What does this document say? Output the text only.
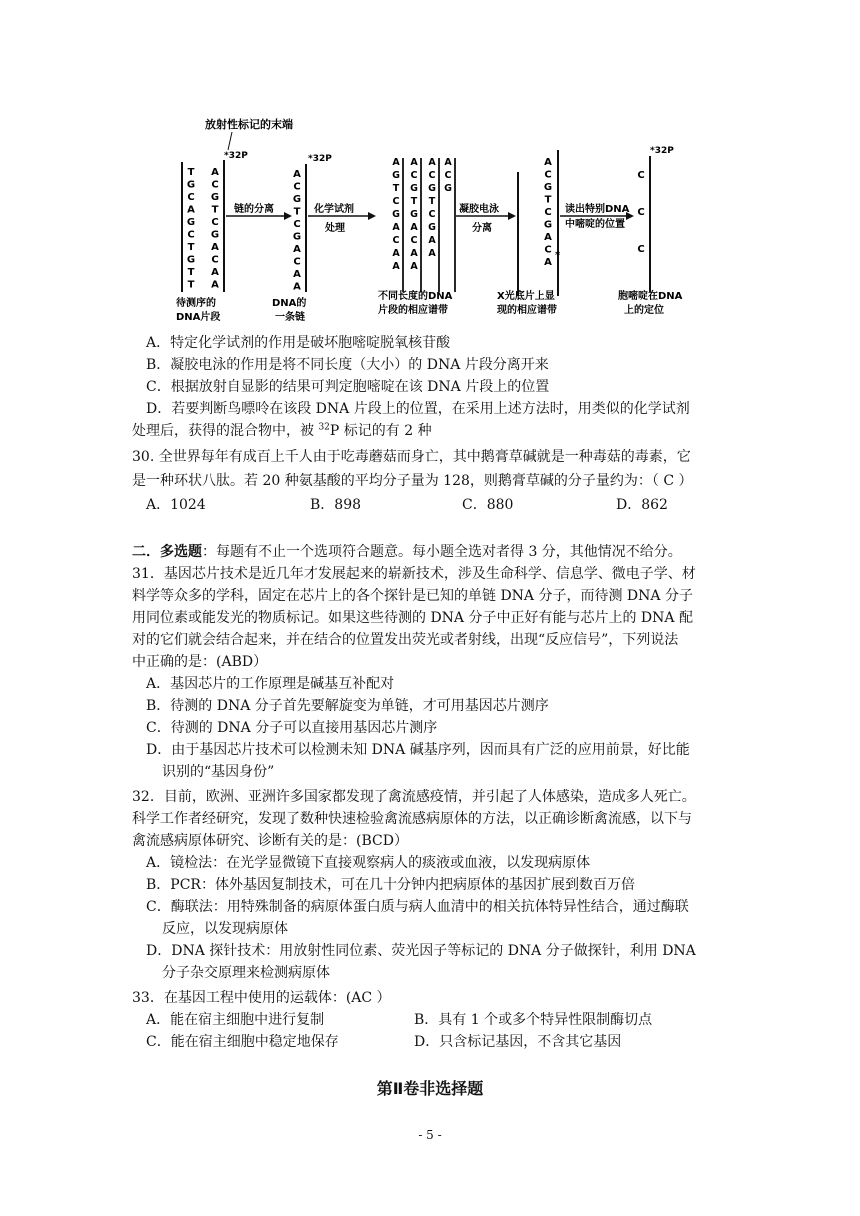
放射性标记的末端
*32P	*32P
*32P
T
G
C
A
G
C
T
G
T
T
A
C
G
T
C
G
A
C
A
A
链的分离
A
C
G
T
C
G
A
C
A
A
化学试剂
处理
A
G
T
C
G
A
C
A
A
A
C
G
T
G
A
C
A
A
A
C
G
T
C
G
A
A
A
C
G
凝胶电泳
分离
A
C
G
T
C
G
A
C
A
*
读出特别DNA
中嘧啶的位置
C
C
C
待测序的
DNA片段
DNA的
一条链
不同长度的DNA
片段的相应谱带
X光底片上显
现的相应谱带
胞嘧啶在DNA
上的定位
A．特定化学试剂的作用是破坏胞嘧啶脱氧核苷酸
B．凝胶电泳的作用是将不同长度（大小）的 DNA 片段分离开来
C．根据放射自显影的结果可判定胞嘧啶在该 DNA 片段上的位置
D．若要判断鸟嘌呤在该段 DNA 片段上的位置，在采用上述方法时，用类似的化学试剂
处理后，获得的混合物中，被 $^{32}$P 标记的有 2 种
30. 全世界每年有成百上千人由于吃毒蘑菇而身亡，其中鹅膏草碱就是一种毒菇的毒素，它
是一种环状八肽。若 20 种氨基酸的平均分子量为 128，则鹅膏草碱的分子量约为：（ C ）
A．1024	B．898	C．880	D．862
二．多选题：每题有不止一个选项符合题意。每小题全选对者得 3 分，其他情况不给分。
31．基因芯片技术是近几年才发展起来的崭新技术，涉及生命科学、信息学、微电子学、材
料学等众多的学科，固定在芯片上的各个探针是已知的单链 DNA 分子，而待测 DNA 分子
用同位素或能发光的物质标记。如果这些待测的 DNA 分子中正好有能与芯片上的 DNA 配
对的它们就会结合起来，并在结合的位置发出荧光或者射线，出现“反应信号”，下列说法
中正确的是：(ABD）
A．基因芯片的工作原理是碱基互补配对
B．待测的 DNA 分子首先要解旋变为单链，才可用基因芯片测序
C．待测的 DNA 分子可以直接用基因芯片测序
D．由于基因芯片技术可以检测未知 DNA 碱基序列，因而具有广泛的应用前景，好比能
识别的“基因身份”
32．目前，欧洲、亚洲许多国家都发现了禽流感疫情，并引起了人体感染，造成多人死亡。
科学工作者经研究，发现了数种快速检验禽流感病原体的方法，以正确诊断禽流感，以下与
禽流感病原体研究、诊断有关的是：(BCD）
A．镜检法：在光学显微镜下直接观察病人的痰液或血液，以发现病原体
B．PCR：体外基因复制技术，可在几十分钟内把病原体的基因扩展到数百万倍
C．酶联法：用特殊制备的病原体蛋白质与病人血清中的相关抗体特异性结合，通过酶联
反应，以发现病原体
D．DNA 探针技术：用放射性同位素、荧光因子等标记的 DNA 分子做探针，利用 DNA
分子杂交原理来检测病原体
33．在基因工程中使用的运载体：(AC ）
A．能在宿主细胞中进行复制	B．具有 1 个或多个特异性限制酶切点
C．能在宿主细胞中稳定地保存	D．只含标记基因，不含其它基因
第Ⅱ卷非选择题
- 5 -
